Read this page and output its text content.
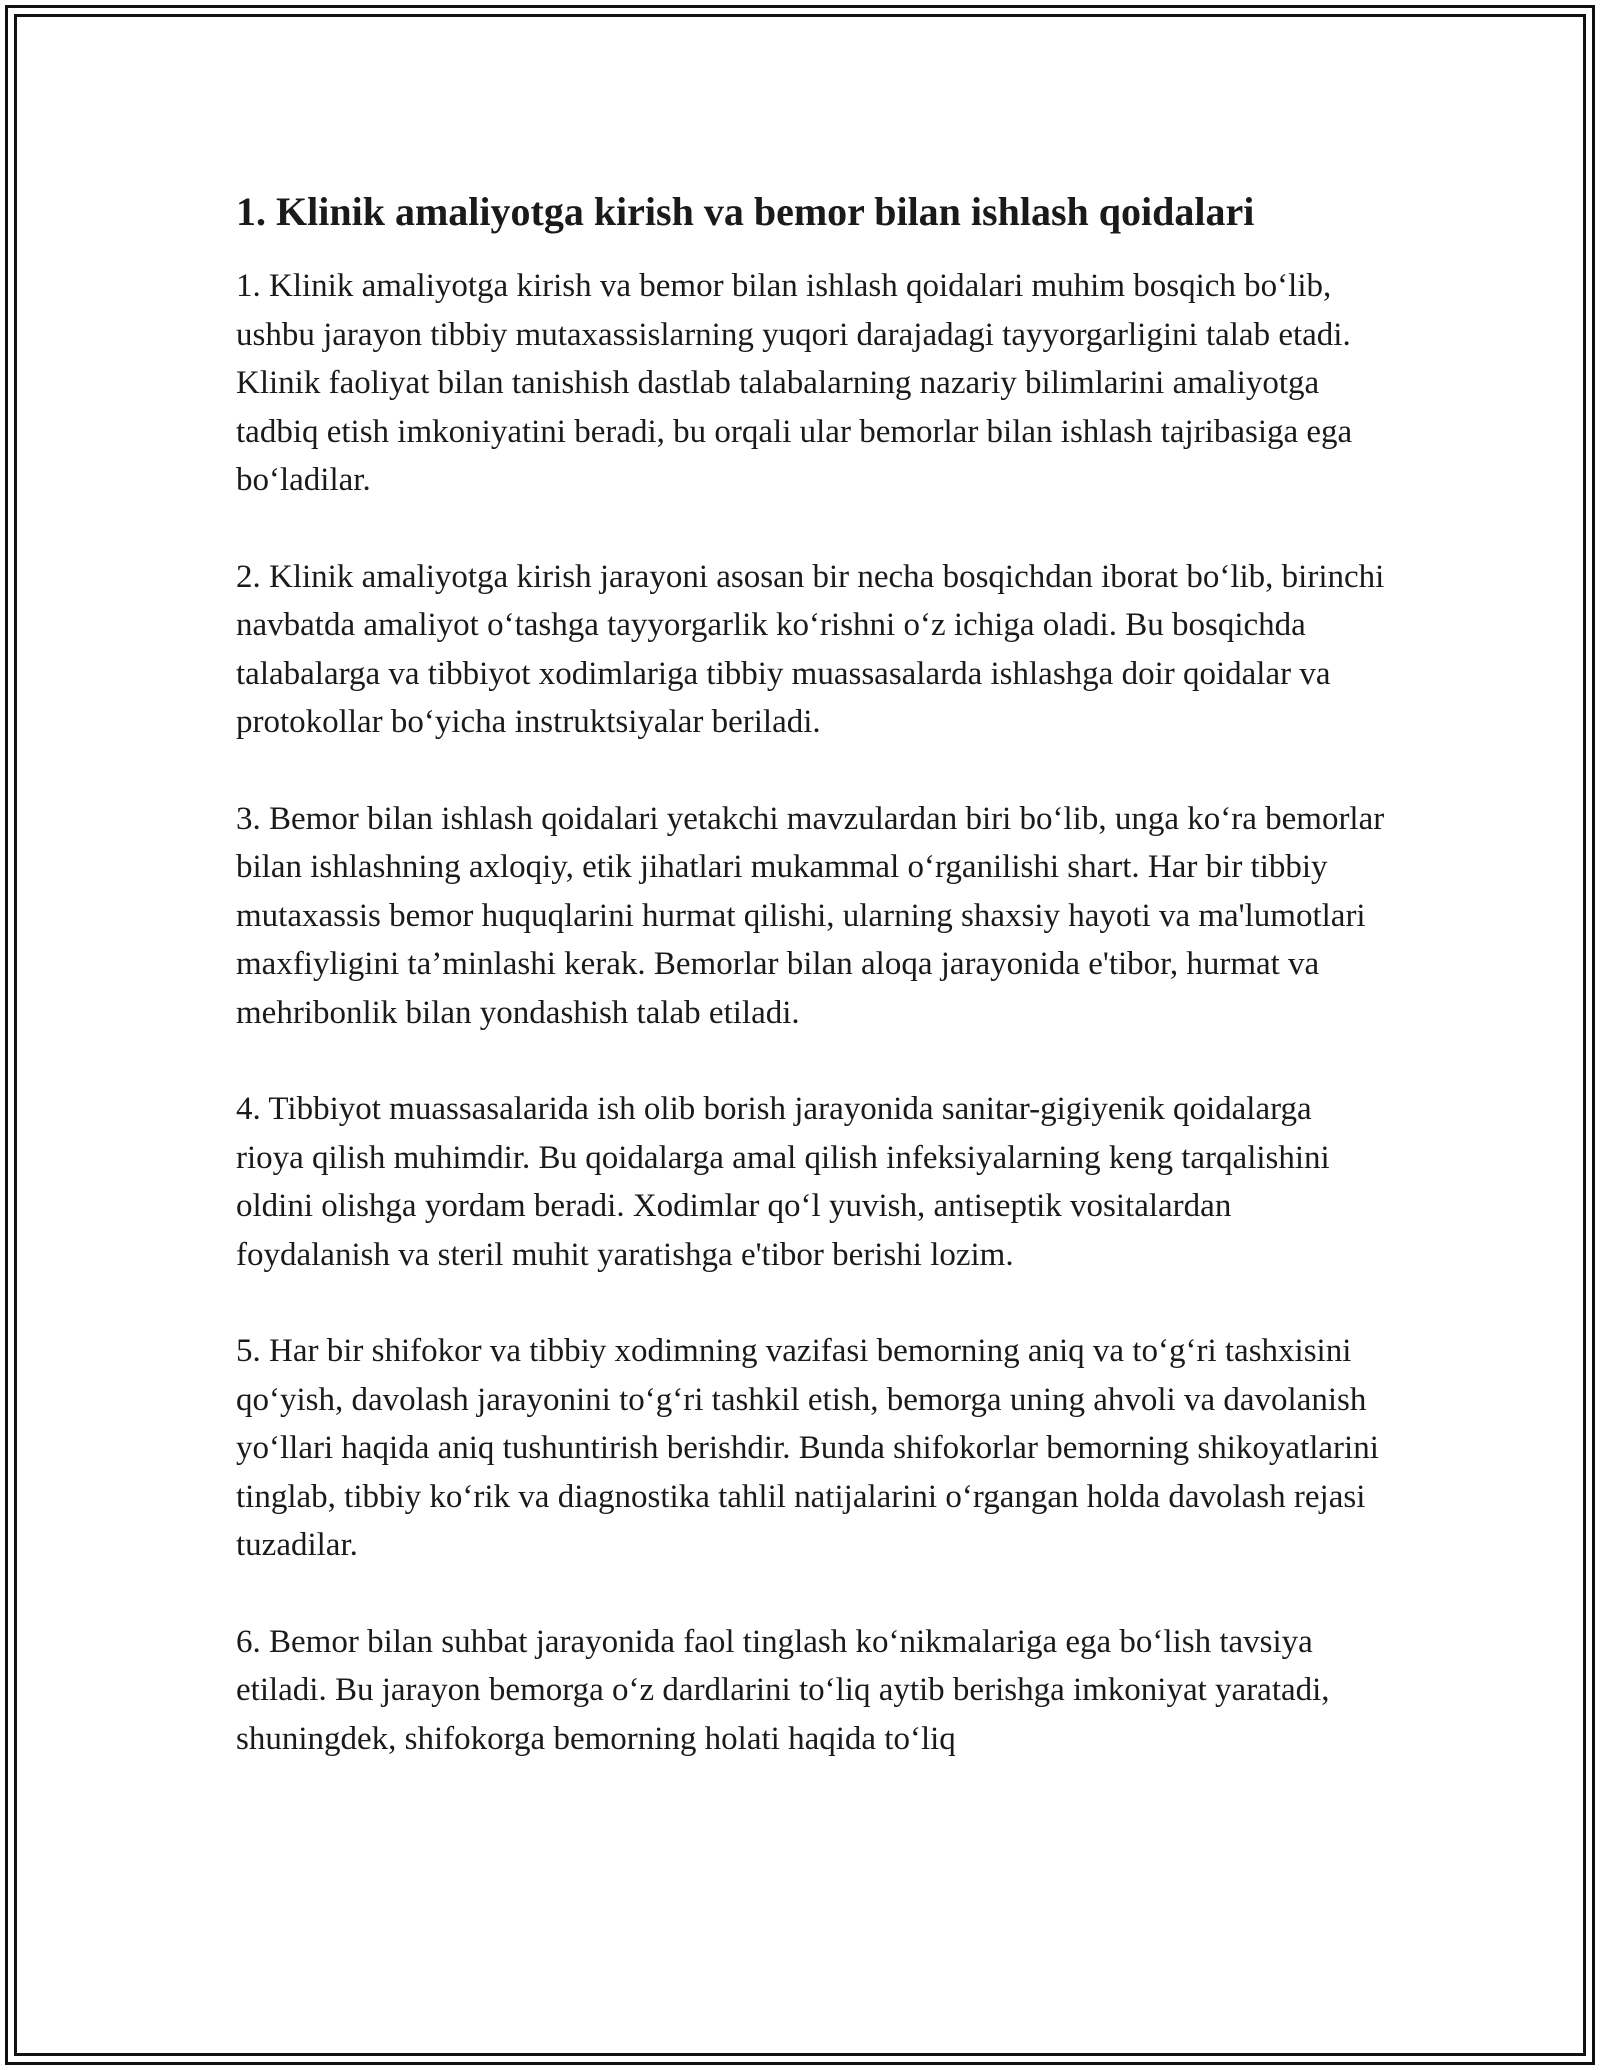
1. Klinik amaliyotga kirish va bemor bilan ishlash qoidalari

1. Klinik amaliyotga kirish va bemor bilan ishlash qoidalari muhim bosqich bo‘lib, ushbu jarayon tibbiy mutaxassislarning yuqori darajadagi tayyorgarligini talab etadi. Klinik faoliyat bilan tanishish dastlab talabalarning nazariy bilimlarini amaliyotga tadbiq etish imkoniyatini beradi, bu orqali ular bemorlar bilan ishlash tajribasiga ega bo‘ladilar.

2. Klinik amaliyotga kirish jarayoni asosan bir necha bosqichdan iborat bo‘lib, birinchi navbatda amaliyot o‘tashga tayyorgarlik ko‘rishni o‘z ichiga oladi. Bu bosqichda talabalarga va tibbiyot xodimlariga tibbiy muassasalarda ishlashga doir qoidalar va protokollar bo‘yicha instruktsiyalar beriladi.

3. Bemor bilan ishlash qoidalari yetakchi mavzulardan biri bo‘lib, unga ko‘ra bemorlar bilan ishlashning axloqiy, etik jihatlari mukammal o‘rganilishi shart. Har bir tibbiy mutaxassis bemor huquqlarini hurmat qilishi, ularning shaxsiy hayoti va ma'lumotlari maxfiyligini ta’minlashi kerak. Bemorlar bilan aloqa jarayonida e'tibor, hurmat va mehribonlik bilan yondashish talab etiladi.

4. Tibbiyot muassasalarida ish olib borish jarayonida sanitar-gigiyenik qoidalarga rioya qilish muhimdir. Bu qoidalarga amal qilish infeksiyalarning keng tarqalishini oldini olishga yordam beradi. Xodimlar qo‘l yuvish, antiseptik vositalardan foydalanish va steril muhit yaratishga e'tibor berishi lozim.

5. Har bir shifokor va tibbiy xodimning vazifasi bemorning aniq va to‘g‘ri tashxisini qo‘yish, davolash jarayonini to‘g‘ri tashkil etish, bemorga uning ahvoli va davolanish yo‘llari haqida aniq tushuntirish berishdir. Bunda shifokorlar bemorning shikoyatlarini tinglab, tibbiy ko‘rik va diagnostika tahlil natijalarini o‘rgangan holda davolash rejasi tuzadilar.

6. Bemor bilan suhbat jarayonida faol tinglash ko‘nikmalariga ega bo‘lish tavsiya etiladi. Bu jarayon bemorga o‘z dardlarini to‘liq aytib berishga imkoniyat yaratadi, shuningdek, shifokorga bemorning holati haqida to‘liq
